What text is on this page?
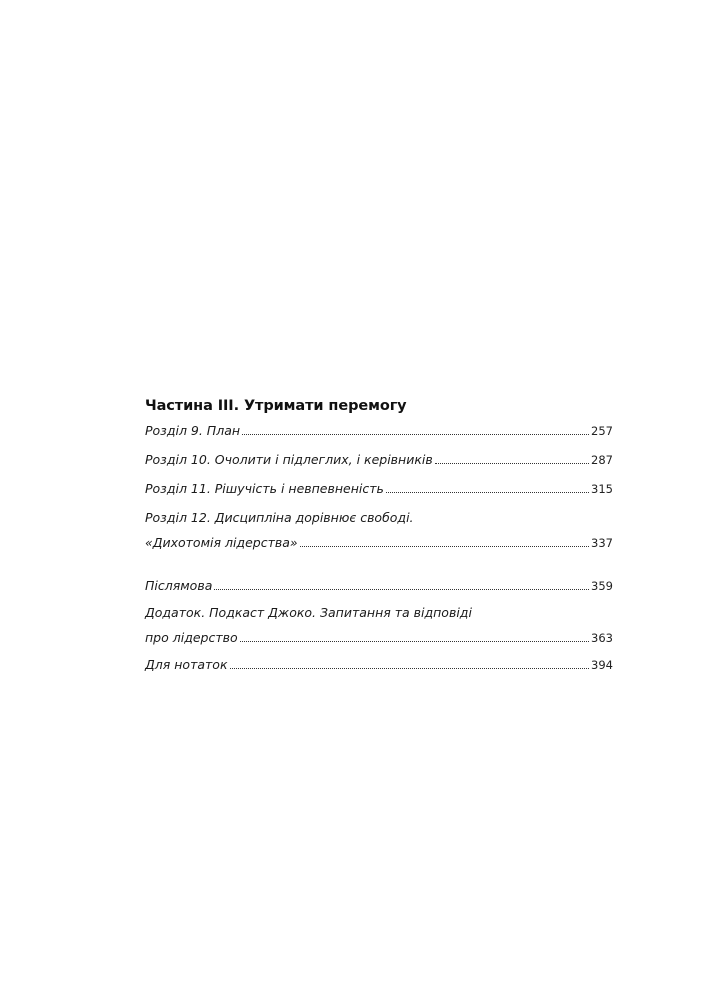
Частина III. Утримати перемогу
Розділ 9. План	257
Розділ 10. Очолити і підлеглих, і керівників	287
Розділ 11. Рішучість і невпевненість	315
Розділ 12. Дисципліна дорівнює свободі.
«Дихотомія лідерства»	337
Післямова	359
Додаток. Подкаст Джоко. Запитання та відповіді
про лідерство	363
Для нотаток	394
